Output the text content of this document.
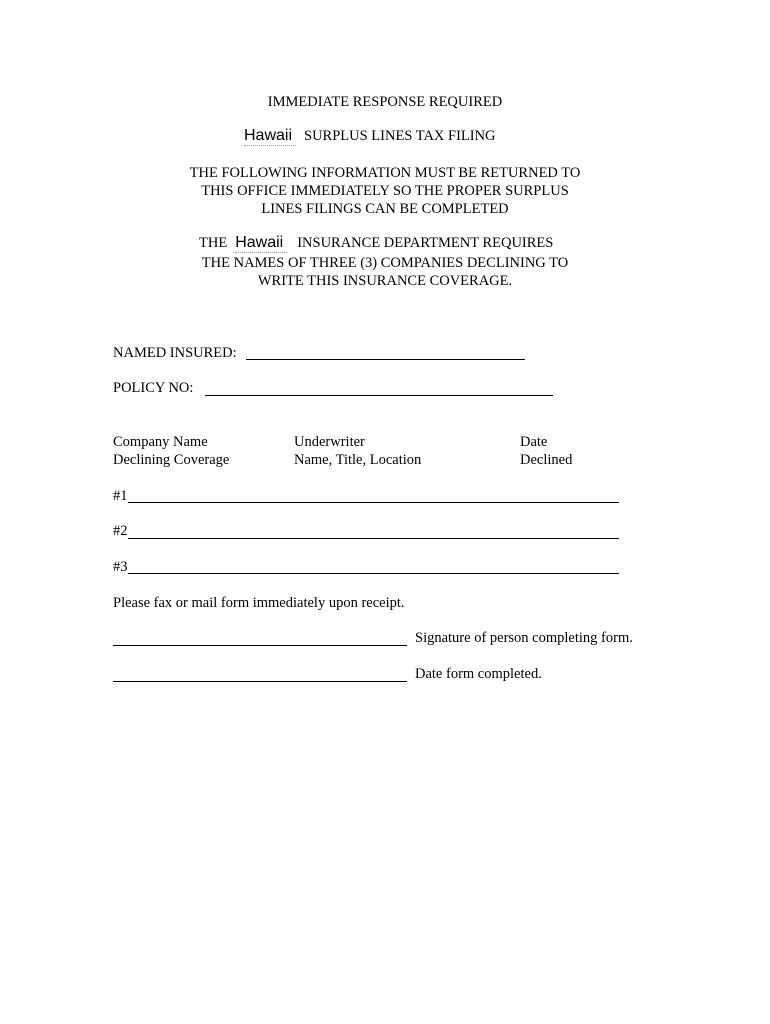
IMMEDIATE RESPONSE REQUIRED
Hawaii SURPLUS LINES TAX FILING
THE FOLLOWING INFORMATION MUST BE RETURNED TO
THIS OFFICE IMMEDIATELY SO THE PROPER SURPLUS
LINES FILINGS CAN BE COMPLETED
THE Hawaii INSURANCE DEPARTMENT REQUIRES
THE NAMES OF THREE (3) COMPANIES DECLINING TO
WRITE THIS INSURANCE COVERAGE.
NAMED INSURED:
POLICY NO:
Company Name
Declining Coverage
Underwriter
Name, Title, Location
Date
Declined
#1
#2
#3
Please fax or mail form immediately upon receipt.
Signature of person completing form.
Date form completed.
